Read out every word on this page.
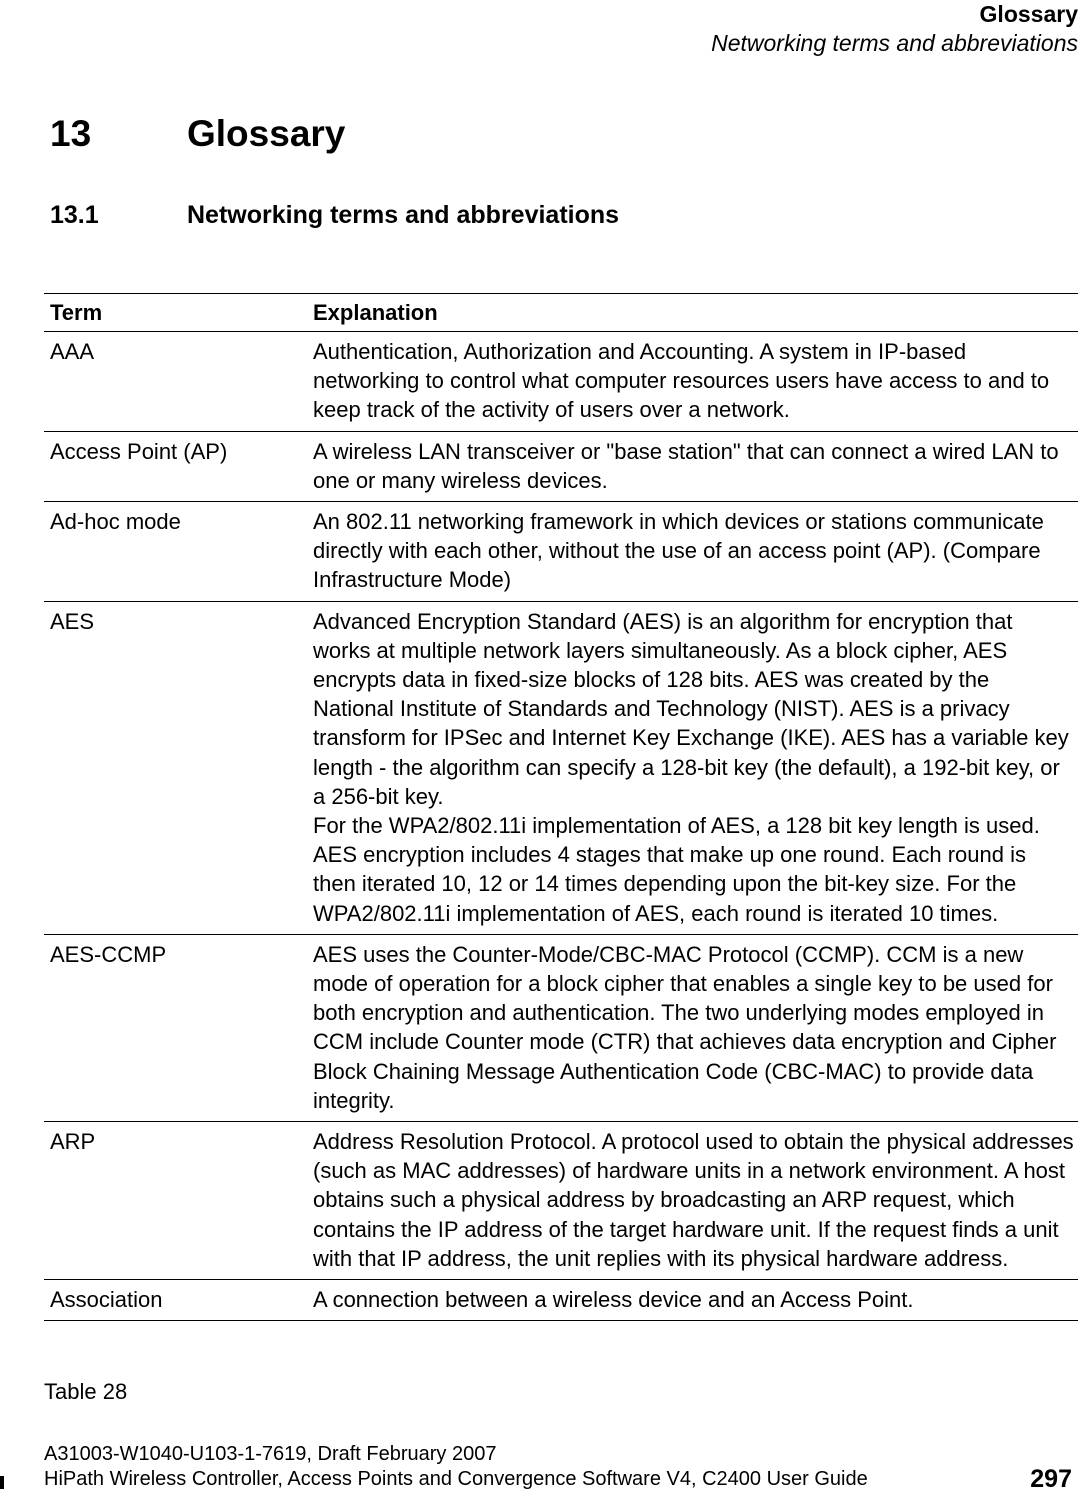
Glossary
Networking terms and abbreviations
13	Glossary
13.1	Networking terms and abbreviations
Term	Explanation
AAA	Authentication, Authorization and Accounting. A system in IP-based networking to control what computer resources users have access to and to keep track of the activity of users over a network.

Access Point (AP)	A wireless LAN transceiver or "base station" that can connect a wired LAN to one or many wireless devices.

Ad-hoc mode	An 802.11 networking framework in which devices or stations communicate directly with each other, without the use of an access point (AP). (Compare Infrastructure Mode)

AES	Advanced Encryption Standard (AES) is an algorithm for encryption that works at multiple network layers simultaneously. As a block cipher, AES encrypts data in fixed-size blocks of 128 bits. AES was created by the National Institute of Standards and Technology (NIST). AES is a privacy transform for IPSec and Internet Key Exchange (IKE). AES has a variable key length - the algorithm can specify a 128-bit key (the default), a 192-bit key, or a 256-bit key.
For the WPA2/802.11i implementation of AES, a 128 bit key length is used. AES encryption includes 4 stages that make up one round. Each round is then iterated 10, 12 or 14 times depending upon the bit-key size. For the WPA2/802.11i implementation of AES, each round is iterated 10 times.

AES-CCMP	AES uses the Counter-Mode/CBC-MAC Protocol (CCMP). CCM is a new mode of operation for a block cipher that enables a single key to be used for both encryption and authentication. The two underlying modes employed in CCM include Counter mode (CTR) that achieves data encryption and Cipher Block Chaining Message Authentication Code (CBC-MAC) to provide data integrity.

ARP	Address Resolution Protocol. A protocol used to obtain the physical addresses (such as MAC addresses) of hardware units in a network environment. A host obtains such a physical address by broadcasting an ARP request, which contains the IP address of the target hardware unit. If the request finds a unit with that IP address, the unit replies with its physical hardware address.

Association	A connection between a wireless device and an Access Point.
Table 28
A31003-W1040-U103-1-7619, Draft February 2007
HiPath Wireless Controller, Access Points and Convergence Software V4, C2400 User Guide	297
